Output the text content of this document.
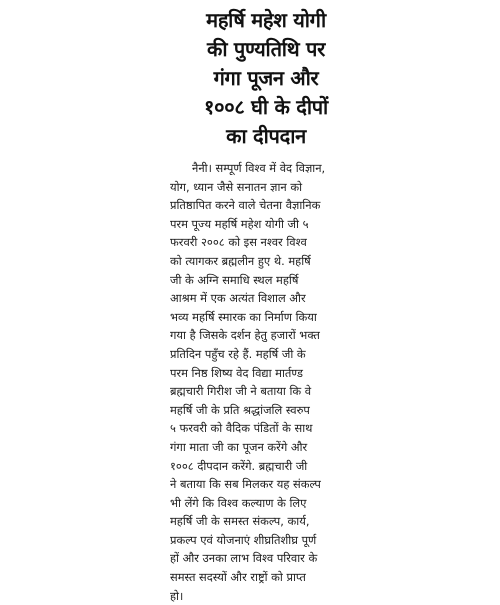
महर्षि महेश योगी
की पुण्यतिथि पर
गंगा पूजन और
१००८ घी के दीपों
का दीपदान
नैनी। सम्पूर्ण विश्व में वेद विज्ञान,
योग, ध्यान जैसे सनातन ज्ञान को
प्रतिष्ठापित करने वाले चेतना वैज्ञानिक
परम पूज्य महर्षि महेश योगी जी ५
फरवरी २००८ को इस नश्वर विश्व
को त्यागकर ब्रह्मलीन हुए थे. महर्षि
जी के अग्नि समाधि स्थल महर्षि
आश्रम में एक अत्यंत विशाल और
भव्य महर्षि स्मारक का निर्माण किया
गया है जिसके दर्शन हेतु हजारों भक्त
प्रतिदिन पहुँच रहे हैं. महर्षि जी के
परम निष्ठ शिष्य वेद विद्या मार्तण्ड
ब्रह्मचारी गिरीश जी ने बताया कि वे
महर्षि जी के प्रति श्रद्धांजलि स्वरुप
५ फरवरी को वैदिक पंडितों के साथ
गंगा माता जी का पूजन करेंगे और
१००८ दीपदान करेंगे. ब्रह्मचारी जी
ने बताया कि सब मिलकर यह संकल्प
भी लेंगे कि विश्व कल्याण के लिए
महर्षि जी के समस्त संकल्प, कार्य,
प्रकल्प एवं योजनाएं शीघ्रतिशीघ्र पूर्ण
हों और उनका लाभ विश्व परिवार के
समस्त सदस्यों और राष्ट्रों को प्राप्त
हो।
